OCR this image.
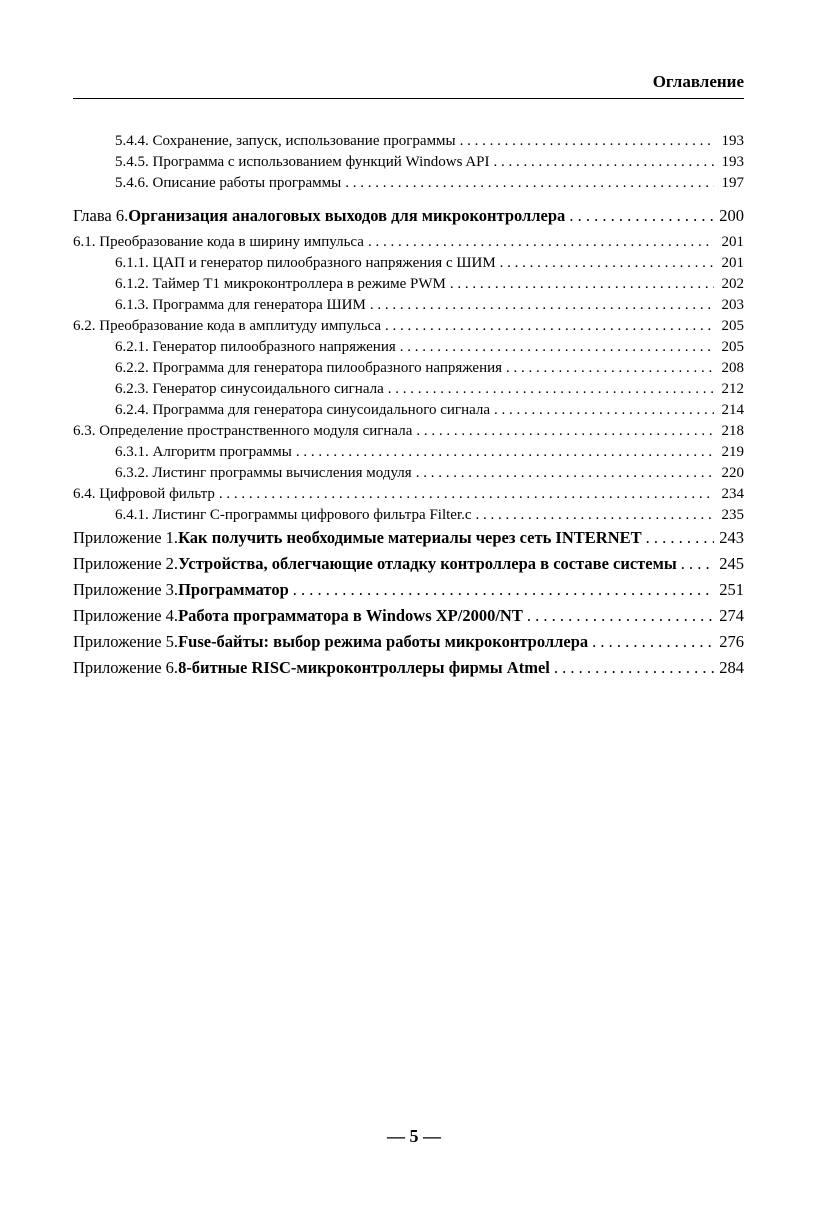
Оглавление
5.4.4. Сохранение, запуск, использование программы . . .	193
5.4.5. Программа с использованием функций Windows API . . .	193
5.4.6. Описание работы программы . . .	197
Глава 6. Организация аналоговых выходов для микроконтроллера . . .	200
6.1. Преобразование кода в ширину импульса . . .	201
6.1.1. ЦАП и генератор пилообразного напряжения с ШИМ . . .	201
6.1.2. Таймер T1 микроконтроллера в режиме PWM . . .	202
6.1.3. Программа для генератора ШИМ . . .	203
6.2. Преобразование кода в амплитуду импульса . . .	205
6.2.1. Генератор пилообразного напряжения . . .	205
6.2.2. Программа для генератора пилообразного напряжения . . .	208
6.2.3. Генератор синусоидального сигнала . . .	212
6.2.4. Программа для генератора синусоидального сигнала . . .	214
6.3. Определение пространственного модуля сигнала . . .	218
6.3.1. Алгоритм программы . . .	219
6.3.2. Листинг программы вычисления модуля . . .	220
6.4. Цифровой фильтр . . .	234
6.4.1. Листинг C-программы цифрового фильтра Filter.c . . .	235
Приложение 1. Как получить необходимые материалы через сеть INTERNET . . .	243
Приложение 2. Устройства, облегчающие отладку контроллера в составе системы . . .	245
Приложение 3. Программатор . . .	251
Приложение 4. Работа программатора в Windows XP/2000/NT . . .	274
Приложение 5. Fuse-байты: выбор режима работы микроконтроллера . . .	276
Приложение 6. 8-битные RISC-микроконтроллеры фирмы Atmel . . .	284
— 5 —
